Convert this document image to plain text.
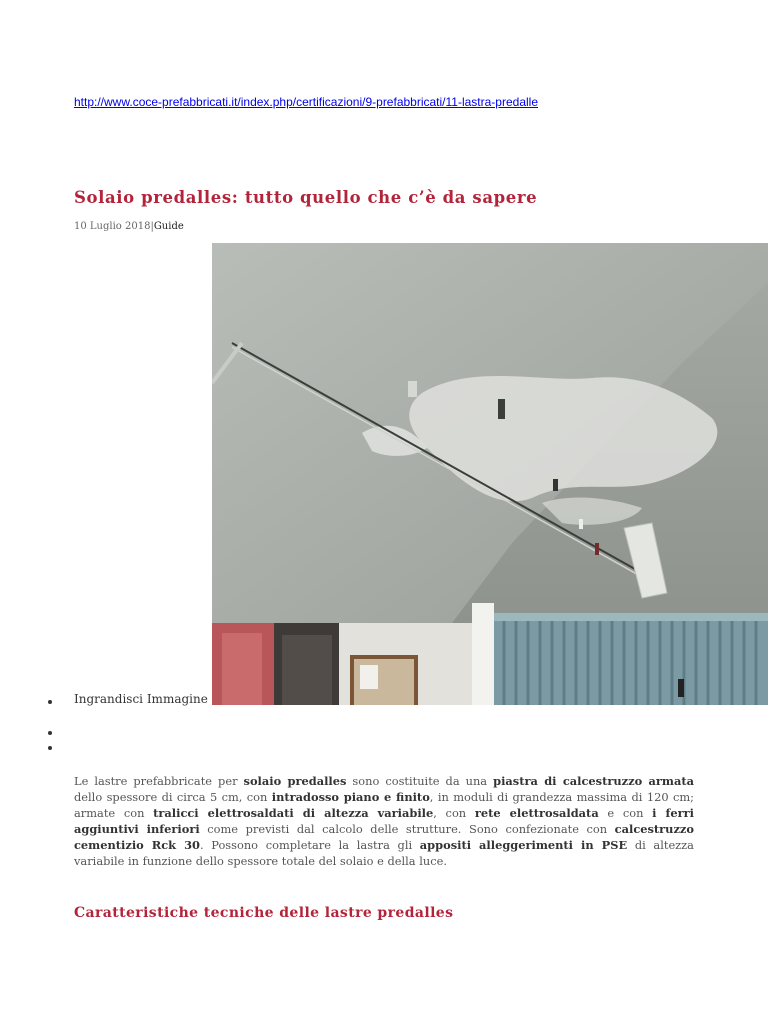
http://www.coce-prefabbricati.it/index.php/certificazioni/9-prefabbricati/11-lastra-predalle
Solaio predalles: tutto quello che c’è da sapere
10 Luglio 2018|Guide
Ingrandisci Immagine

Le lastre prefabbricate per solaio predalles sono costituite da una piastra di calcestruzzo armata dello spessore di circa 5 cm, con intradosso piano e finito, in moduli di grandezza massima di 120 cm; armate con tralicci elettrosaldati di altezza variabile, con rete elettrosaldata e con i ferri aggiuntivi inferiori come previsti dal calcolo delle strutture. Sono confezionate con calcestruzzo cementizio Rck 30. Possono completare la lastra gli appositi alleggerimenti in PSE di altezza variabile in funzione dello spessore totale del solaio e della luce.

Caratteristiche tecniche delle lastre predalles
